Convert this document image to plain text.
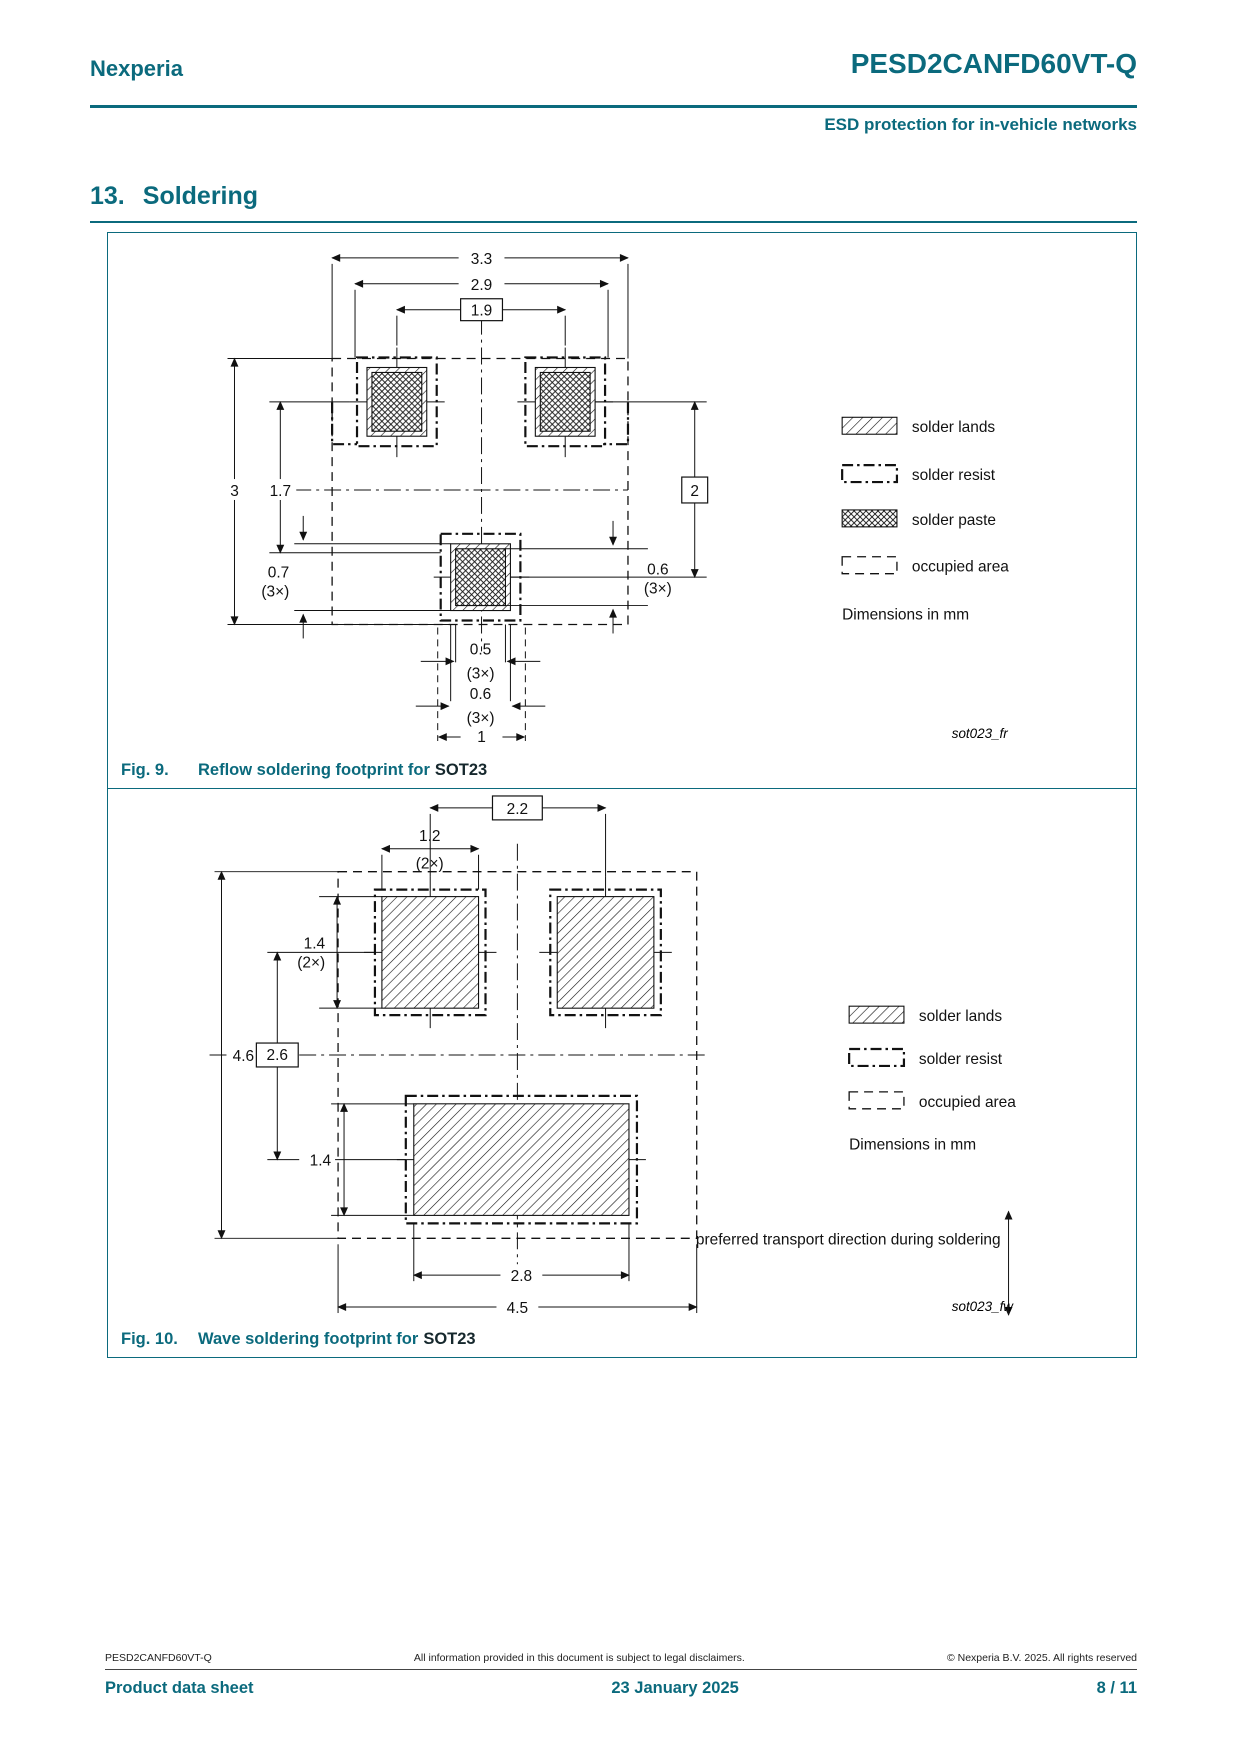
Nexperia	PESD2CANFD60VT-Q
ESD protection for in-vehicle networks
13. Soldering
3.3
2.9
1.9
3 1.7
0.7
(3×)
0.6
(3×)
2
0.5
(3×)
0.6
(3×)
1
solder lands
solder resist
solder paste
occupied area
Dimensions in mm
sot023_fr
Fig. 9.	Reflow soldering footprint for SOT23
2.2
1.2
(2×)
1.4
(2×)
4.6 2.6
1.4
2.8
4.5
preferred transport direction during soldering
solder lands
solder resist
occupied area
Dimensions in mm
sot023_fw
Fig. 10.	Wave soldering footprint for SOT23
PESD2CANFD60VT-Q	All information provided in this document is subject to legal disclaimers.	© Nexperia B.V. 2025. All rights reserved
Product data sheet	23 January 2025	8 / 11
